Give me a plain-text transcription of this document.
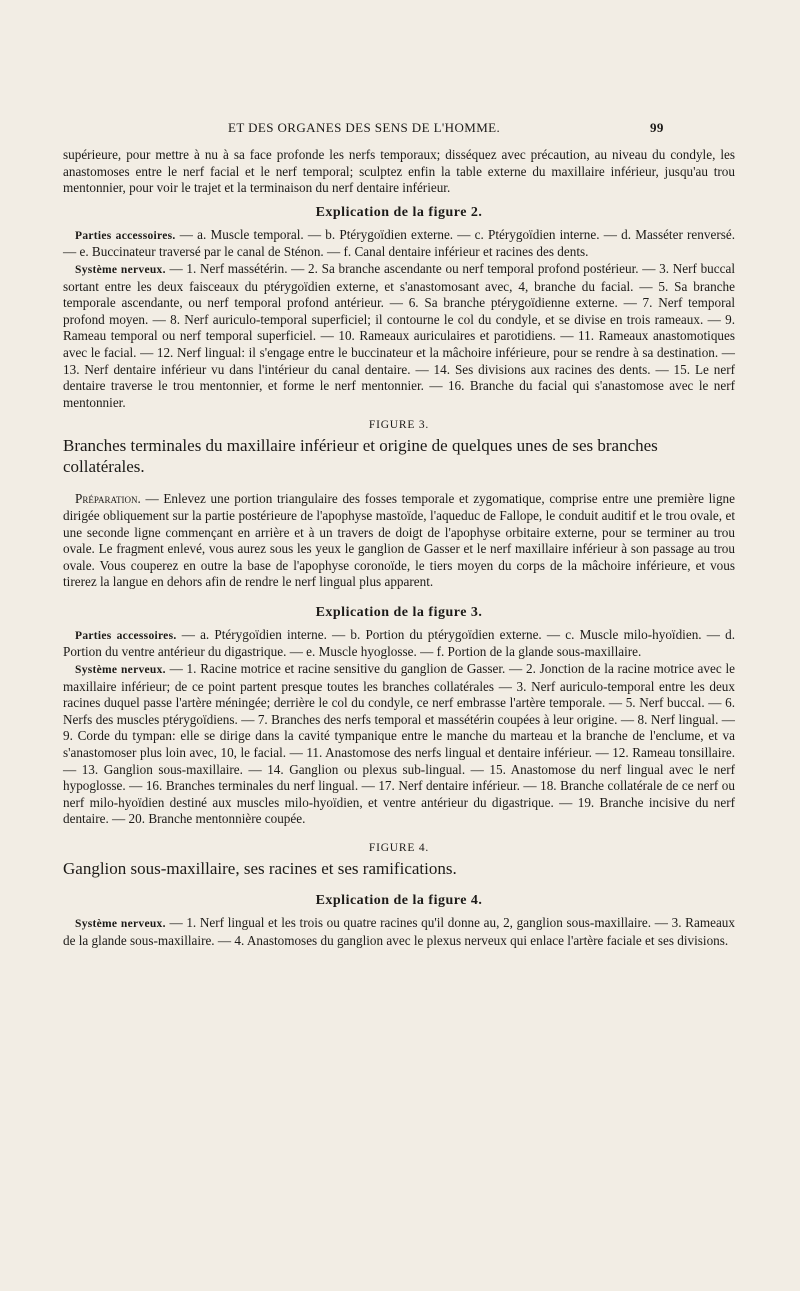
ET DES ORGANES DES SENS DE L'HOMME.	99

supérieure, pour mettre à nu à sa face profonde les nerfs temporaux; disséquez avec précaution, au niveau du condyle, les anastomoses entre le nerf facial et le nerf temporal; sculptez enfin la table externe du maxillaire inférieur, jusqu'au trou mentonnier, pour voir le trajet et la terminaison du nerf dentaire inférieur.

Explication de la figure 2.

Parties accessoires. — a. Muscle temporal. — b. Ptérygoïdien externe. — c. Ptérygoïdien interne. — d. Masséter renversé. — e. Buccinateur traversé par le canal de Sténon. — f. Canal dentaire inférieur et racines des dents.

Système nerveux. — 1. Nerf massétérin. — 2. Sa branche ascendante ou nerf temporal profond postérieur. — 3. Nerf buccal sortant entre les deux faisceaux du ptérygoïdien externe, et s'anastomosant avec, 4, branche du facial. — 5. Sa branche temporale ascendante, ou nerf temporal profond antérieur. — 6. Sa branche ptérygoïdienne externe. — 7. Nerf temporal profond moyen. — 8. Nerf auriculo-temporal superficiel; il contourne le col du condyle, et se divise en trois rameaux. — 9. Rameau temporal ou nerf temporal superficiel. — 10. Rameaux auriculaires et parotidiens. — 11. Rameaux anastomotiques avec le facial. — 12. Nerf lingual: il s'engage entre le buccinateur et la mâchoire inférieure, pour se rendre à sa destination. — 13. Nerf dentaire inférieur vu dans l'intérieur du canal dentaire. — 14. Ses divisions aux racines des dents. — 15. Le nerf dentaire traverse le trou mentonnier, et forme le nerf mentonnier. — 16. Branche du facial qui s'anastomose avec le nerf mentonnier.

FIGURE 3.
Branches terminales du maxillaire inférieur et origine de quelques unes de ses branches collatérales.

Préparation. — Enlevez une portion triangulaire des fosses temporale et zygomatique, comprise entre une première ligne dirigée obliquement sur la partie postérieure de l'apophyse mastoïde, l'aqueduc de Fallope, le conduit auditif et le trou ovale, et une seconde ligne commençant en arrière et à un travers de doigt de l'apophyse orbitaire externe, pour se terminer au trou ovale. Le fragment enlevé, vous aurez sous les yeux le ganglion de Gasser et le nerf maxillaire inférieur à son passage au trou ovale. Vous couperez en outre la base de l'apophyse coronoïde, le tiers moyen du corps de la mâchoire inférieure, et vous tirerez la langue en dehors afin de rendre le nerf lingual plus apparent.

Explication de la figure 3.

Parties accessoires. — a. Ptérygoïdien interne. — b. Portion du ptérygoïdien externe. — c. Muscle milo-hyoïdien. — d. Portion du ventre antérieur du digastrique. — e. Muscle hyoglosse. — f. Portion de la glande sous-maxillaire.

Système nerveux. — 1. Racine motrice et racine sensitive du ganglion de Gasser. — 2. Jonction de la racine motrice avec le maxillaire inférieur; de ce point partent presque toutes les branches collatérales — 3. Nerf auriculo-temporal entre les deux racines duquel passe l'artère méningée; derrière le col du condyle, ce nerf embrasse l'artère temporale. — 5. Nerf buccal. — 6. Nerfs des muscles ptérygoïdiens. — 7. Branches des nerfs temporal et massétérin coupées à leur origine. — 8. Nerf lingual. — 9. Corde du tympan: elle se dirige dans la cavité tympanique entre le manche du marteau et la branche de l'enclume, et va s'anastomoser plus loin avec, 10, le facial. — 11. Anastomose des nerfs lingual et dentaire inférieur. — 12. Rameau tonsillaire. — 13. Ganglion sous-maxillaire. — 14. Ganglion ou plexus sub-lingual. — 15. Anastomose du nerf lingual avec le nerf hypoglosse. — 16. Branches terminales du nerf lingual. — 17. Nerf dentaire inférieur. — 18. Branche collatérale de ce nerf ou nerf milo-hyoïdien destiné aux muscles milo-hyoïdien, et ventre antérieur du digastrique. — 19. Branche incisive du nerf dentaire. — 20. Branche mentonnière coupée.

FIGURE 4.
Ganglion sous-maxillaire, ses racines et ses ramifications.
Explication de la figure 4.

Système nerveux. — 1. Nerf lingual et les trois ou quatre racines qu'il donne au, 2, ganglion sous-maxillaire. — 3. Rameaux de la glande sous-maxillaire. — 4. Anastomoses du ganglion avec le plexus nerveux qui enlace l'artère faciale et ses divisions.
